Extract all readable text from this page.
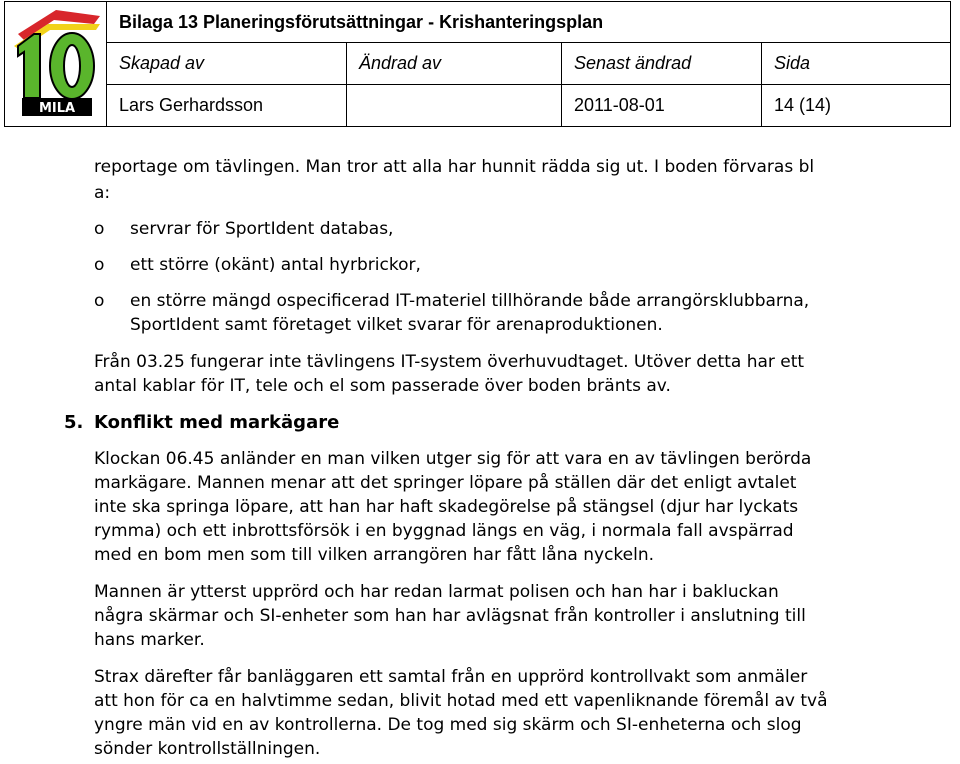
MILA	Bilaga 13 Planeringsförutsättningar - Krishanteringsplan			
	Skapad av	Ändrad av	Senast ändrad	Sida
	Lars Gerhardsson		2011-08-01	14 (14)
reportage om tävlingen. Man tror att alla har hunnit rädda sig ut. I boden förvaras bl
a:
o servrar för SportIdent databas,
o ett större (okänt) antal hyrbrickor,
o en större mängd ospecificerad IT-materiel tillhörande både arrangörsklubbarna,
SportIdent samt företaget vilket svarar för arenaproduktionen.
Från 03.25 fungerar inte tävlingens IT-system överhuvudtaget. Utöver detta har ett
antal kablar för IT, tele och el som passerade över boden bränts av.
5. Konflikt med markägare
Klockan 06.45 anländer en man vilken utger sig för att vara en av tävlingen berörda
markägare. Mannen menar att det springer löpare på ställen där det enligt avtalet
inte ska springa löpare, att han har haft skadegörelse på stängsel (djur har lyckats
rymma) och ett inbrottsförsök i en byggnad längs en väg, i normala fall avspärrad
med en bom men som till vilken arrangören har fått låna nyckeln.
Mannen är ytterst upprörd och har redan larmat polisen och han har i bakluckan
några skärmar och SI-enheter som han har avlägsnat från kontroller i anslutning till
hans marker.
Strax därefter får banläggaren ett samtal från en upprörd kontrollvakt som anmäler
att hon för ca en halvtimme sedan, blivit hotad med ett vapenliknande föremål av två
yngre män vid en av kontrollerna. De tog med sig skärm och SI-enheterna och slog
sönder kontrollställningen.
